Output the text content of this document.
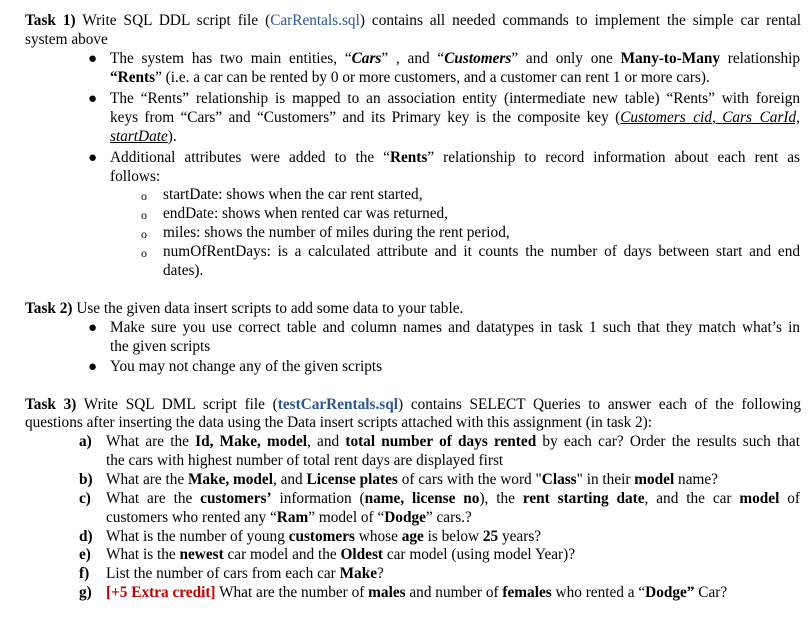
Task 1) Write SQL DDL script file (CarRentals.sql) contains all needed commands to implement the simple car rental
system above
● The system has two main entities, “Cars” , and “Customers” and only one Many-to-Many relationship
“Rents” (i.e. a car can be rented by 0 or more customers, and a customer can rent 1 or more cars).
● The “Rents” relationship is mapped to an association entity (intermediate new table) “Rents” with foreign
keys from “Cars” and “Customers” and its Primary key is the composite key (Customers_cid, Cars_CarId,
startDate).
● Additional attributes were added to the “Rents” relationship to record information about each rent as
follows:
o startDate: shows when the car rent started,
o endDate: shows when rented car was returned,
o miles: shows the number of miles during the rent period,
o numOfRentDays: is a calculated attribute and it counts the number of days between start and end
dates).
Task 2) Use the given data insert scripts to add some data to your table.
● Make sure you use correct table and column names and datatypes in task 1 such that they match what’s in
the given scripts
● You may not change any of the given scripts
Task 3) Write SQL DML script file (testCarRentals.sql) contains SELECT Queries to answer each of the following
questions after inserting the data using the Data insert scripts attached with this assignment (in task 2):
a) What are the Id, Make, model, and total number of days rented by each car? Order the results such that
the cars with highest number of total rent days are displayed first
b) What are the Make, model, and License plates of cars with the word "Class" in their model name?
c) What are the customers’ information (name, license no), the rent starting date, and the car model of
customers who rented any “Ram” model of “Dodge” cars.?
d) What is the number of young customers whose age is below 25 years?
e) What is the newest car model and the Oldest car model (using model Year)?
f) List the number of cars from each car Make?
g) [+5 Extra credit] What are the number of males and number of females who rented a “Dodge” Car?
